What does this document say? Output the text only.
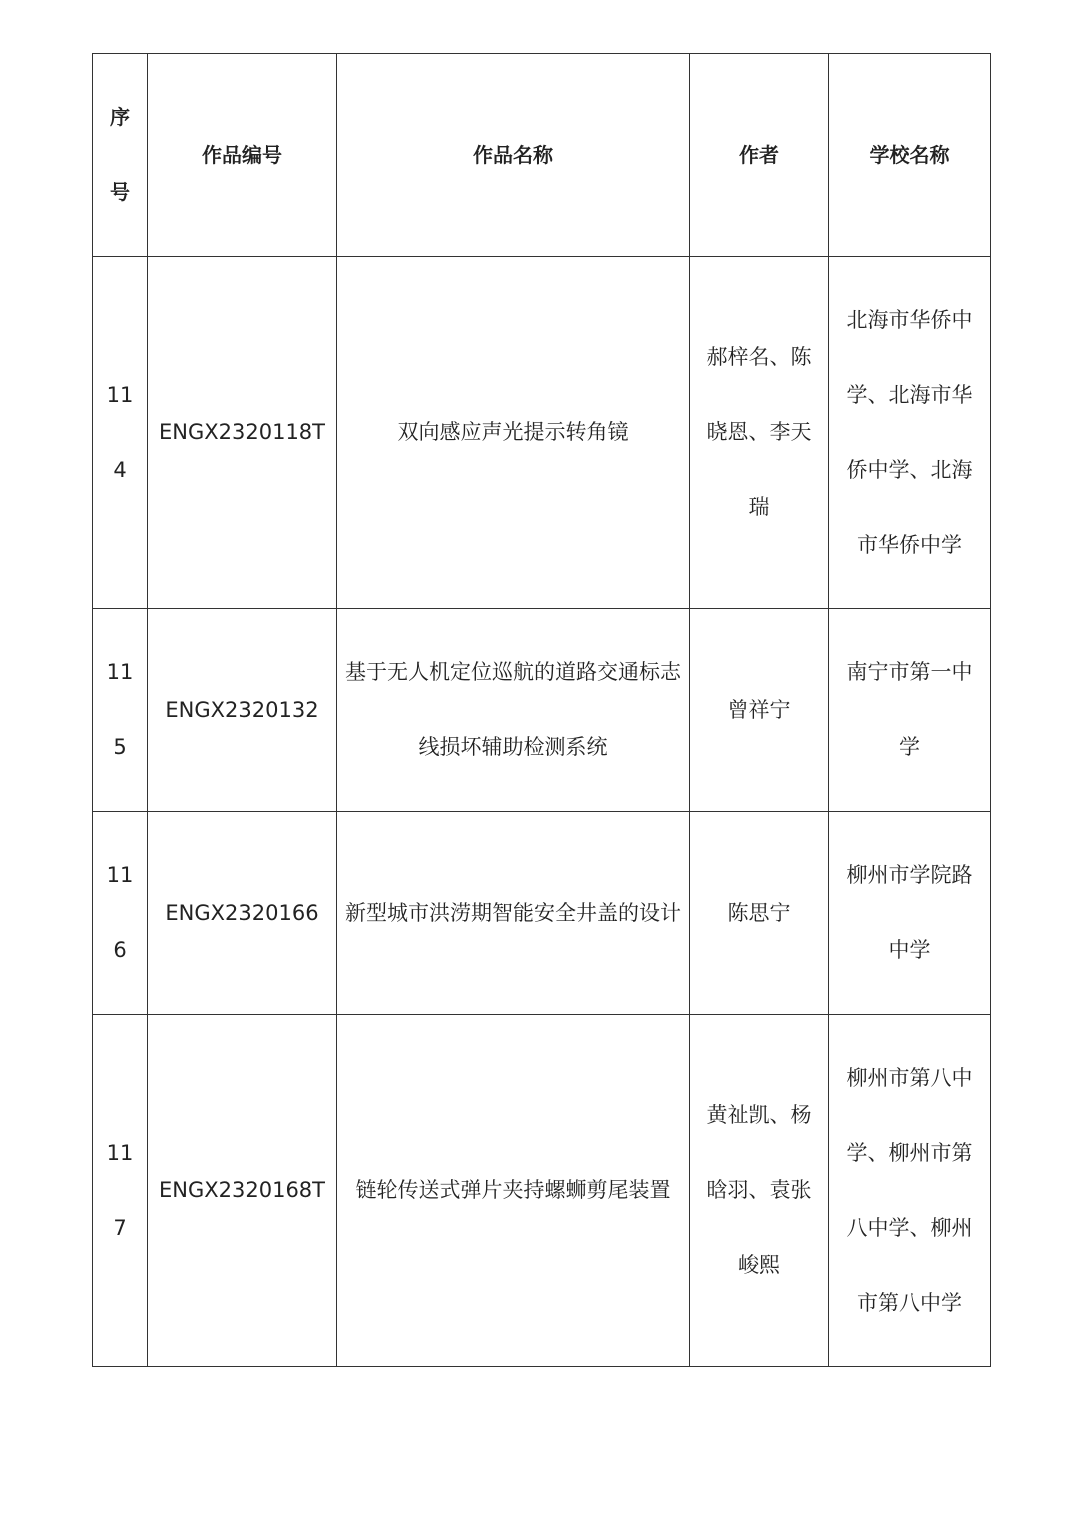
序号	作品编号	作品名称	作者	学校名称
114	ENGX2320118T	双向感应声光提示转角镜	郝梓名、陈晓恩、李天瑞	北海市华侨中学、北海市华侨中学、北海市华侨中学
115	ENGX2320132	基于无人机定位巡航的道路交通标志线损坏辅助检测系统	曾祥宁	南宁市第一中学
116	ENGX2320166	新型城市洪涝期智能安全井盖的设计	陈思宁	柳州市学院路中学
117	ENGX2320168T	链轮传送式弹片夹持螺蛳剪尾装置	黄祉凯、杨晗羽、袁张峻熙	柳州市第八中学、柳州市第八中学、柳州市第八中学
